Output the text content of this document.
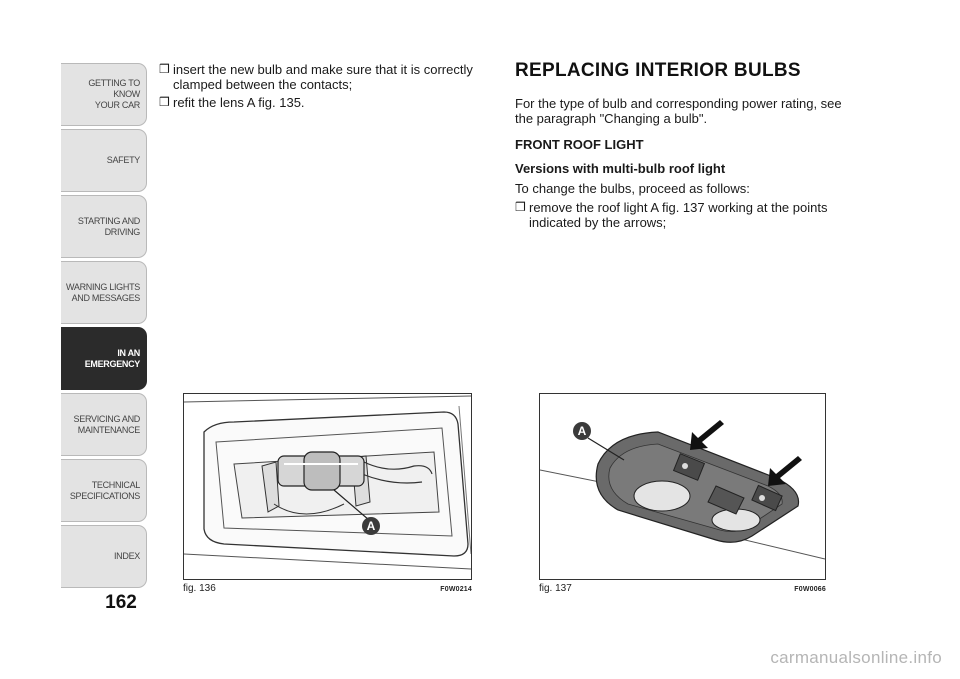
GETTING TO KNOW
YOUR CAR
SAFETY
STARTING AND
DRIVING
WARNING LIGHTS
AND MESSAGES
IN AN
EMERGENCY
SERVICING AND
MAINTENANCE
TECHNICAL
SPECIFICATIONS
INDEX
162
❒ insert the new bulb and make sure that it is correctly clamped between the contacts;
❒ refit the lens A fig. 135.
REPLACING INTERIOR BULBS

For the type of bulb and corresponding power rating, see the paragraph "Changing a bulb".

FRONT ROOF LIGHT

Versions with multi-bulb roof light

To change the bulbs, proceed as follows:

❒ remove the roof light A fig. 137 working at the points indicated by the arrows;
A
fig. 136	F0W0214
A
fig. 137	F0W0066
carmanualsonline.info
